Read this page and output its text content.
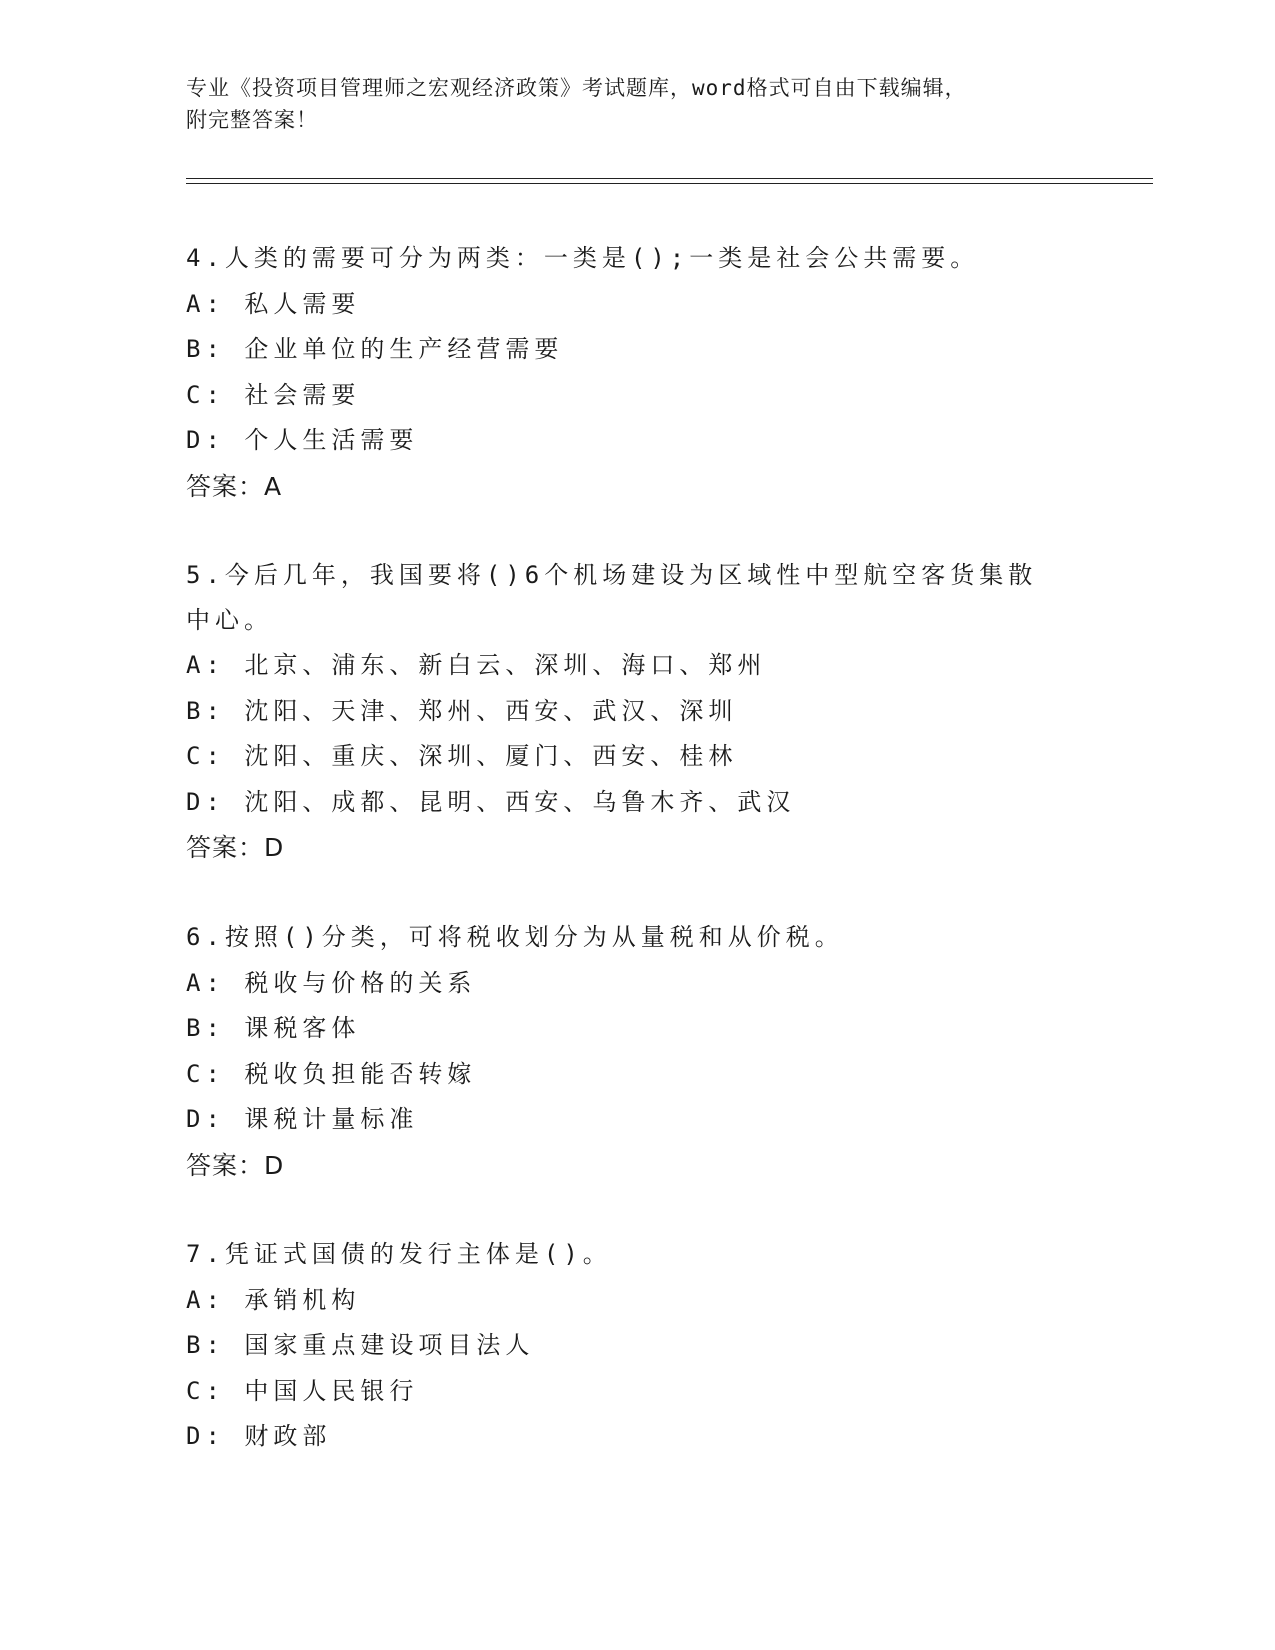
专业《投资项目管理师之宏观经济政策》考试题库，word格式可自由下载编辑，
附完整答案！
4.人类的需要可分为两类：一类是();一类是社会公共需要。
A: 私人需要
B: 企业单位的生产经营需要
C: 社会需要
D: 个人生活需要
答案：A
5.今后几年，我国要将()6个机场建设为区域性中型航空客货集散中心。
A: 北京、浦东、新白云、深圳、海口、郑州
B: 沈阳、天津、郑州、西安、武汉、深圳
C: 沈阳、重庆、深圳、厦门、西安、桂林
D: 沈阳、成都、昆明、西安、乌鲁木齐、武汉
答案：D
6.按照()分类，可将税收划分为从量税和从价税。
A: 税收与价格的关系
B: 课税客体
C: 税收负担能否转嫁
D: 课税计量标准
答案：D
7.凭证式国债的发行主体是()。
A: 承销机构
B: 国家重点建设项目法人
C: 中国人民银行
D: 财政部
